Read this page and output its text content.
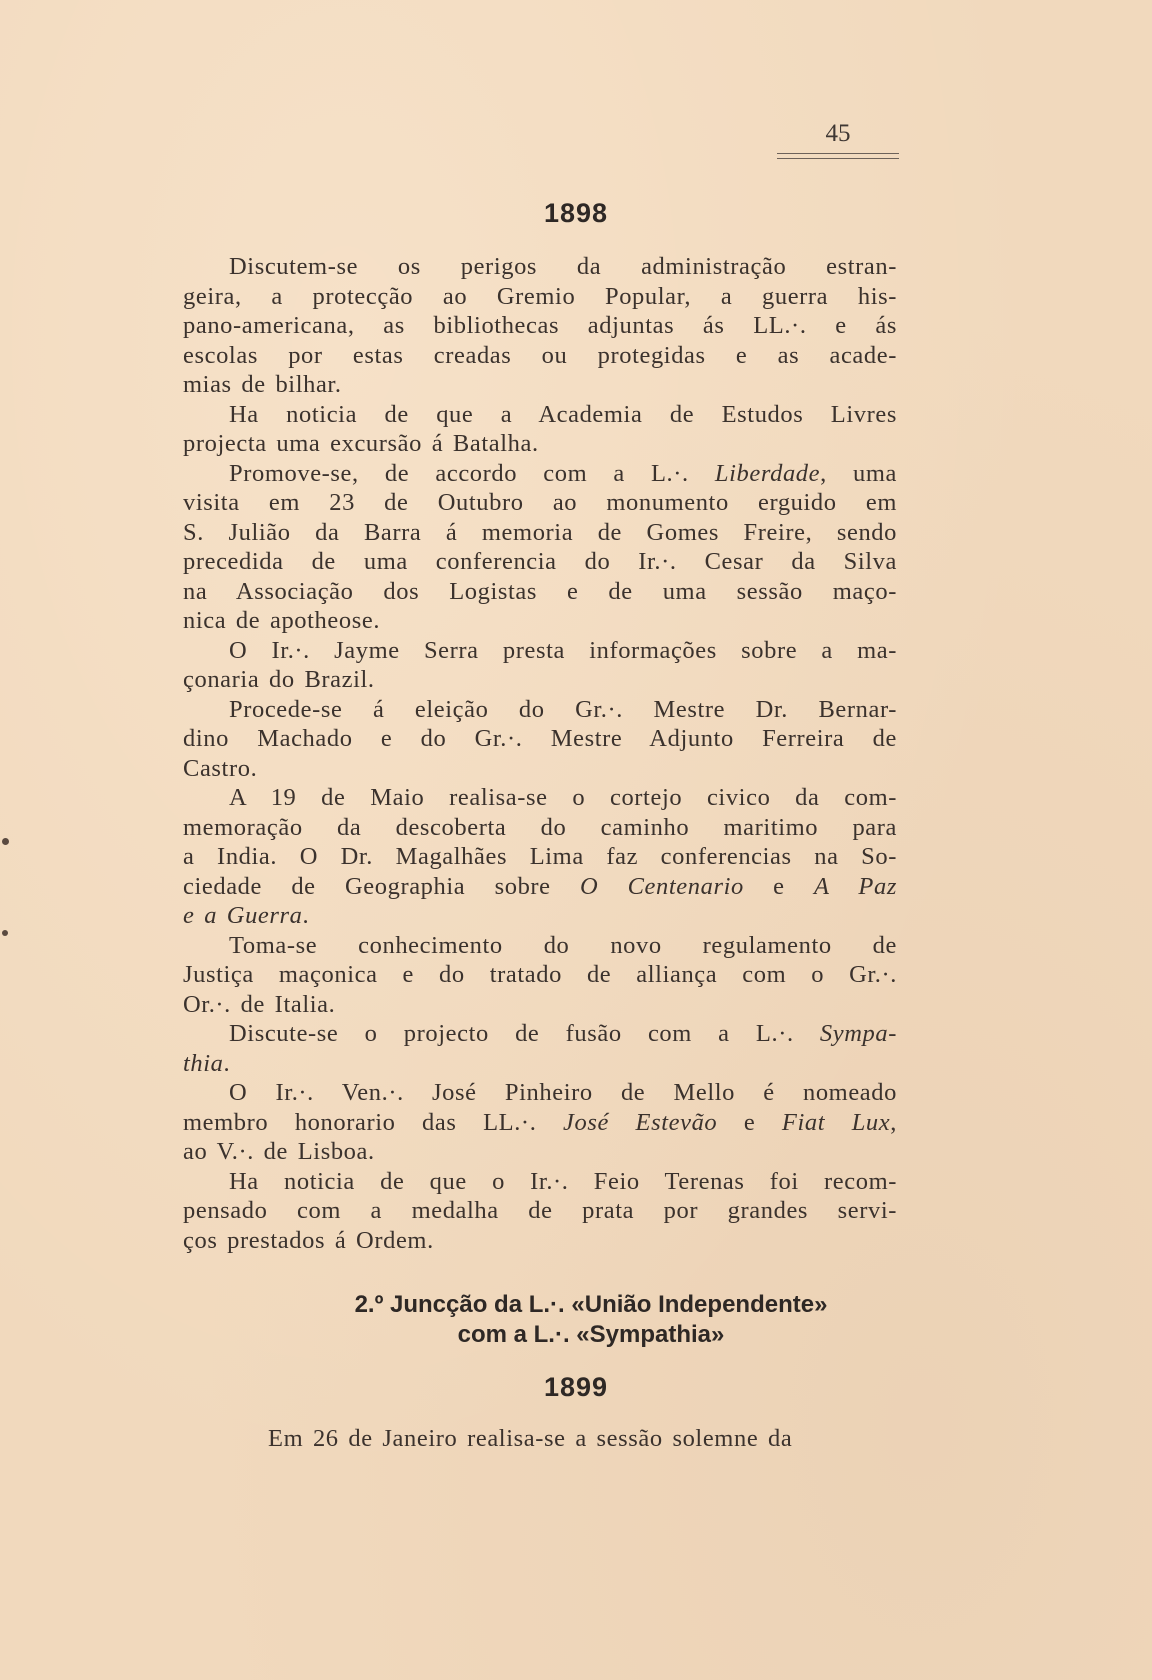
45
1898
Discutem-se os perigos da administração estran-
geira, a protecção ao Gremio Popular, a guerra his-
pano-americana, as bibliothecas adjuntas ás LL.·. e ás
escolas por estas creadas ou protegidas e as acade-
mias de bilhar.
Ha noticia de que a Academia de Estudos Livres
projecta uma excursão á Batalha.
Promove-se, de accordo com a L.·. Liberdade, uma
visita em 23 de Outubro ao monumento erguido em
S. Julião da Barra á memoria de Gomes Freire, sendo
precedida de uma conferencia do Ir.·. Cesar da Silva
na Associação dos Logistas e de uma sessão maço-
nica de apotheose.
O Ir.·. Jayme Serra presta informações sobre a ma-
çonaria do Brazil.
Procede-se á eleição do Gr.·. Mestre Dr. Bernar-
dino Machado e do Gr.·. Mestre Adjunto Ferreira de
Castro.
A 19 de Maio realisa-se o cortejo civico da com-
memoração da descoberta do caminho maritimo para
a India. O Dr. Magalhães Lima faz conferencias na So-
ciedade de Geographia sobre O Centenario e A Paz
e a Guerra.
Toma-se conhecimento do novo regulamento de
Justiça maçonica e do tratado de alliança com o Gr.·.
Or.·. de Italia.
Discute-se o projecto de fusão com a L.·. Sympa-
thia.
O Ir.·. Ven.·. José Pinheiro de Mello é nomeado
membro honorario das LL.·. José Estevão e Fiat Lux,
ao V.·. de Lisboa.
Ha noticia de que o Ir.·. Feio Terenas foi recom-
pensado com a medalha de prata por grandes servi-
ços prestados á Ordem.
2.º Juncção da L.·. «União Independente»
com a L.·. «Sympathia»
1899
Em 26 de Janeiro realisa-se a sessão solemne da
